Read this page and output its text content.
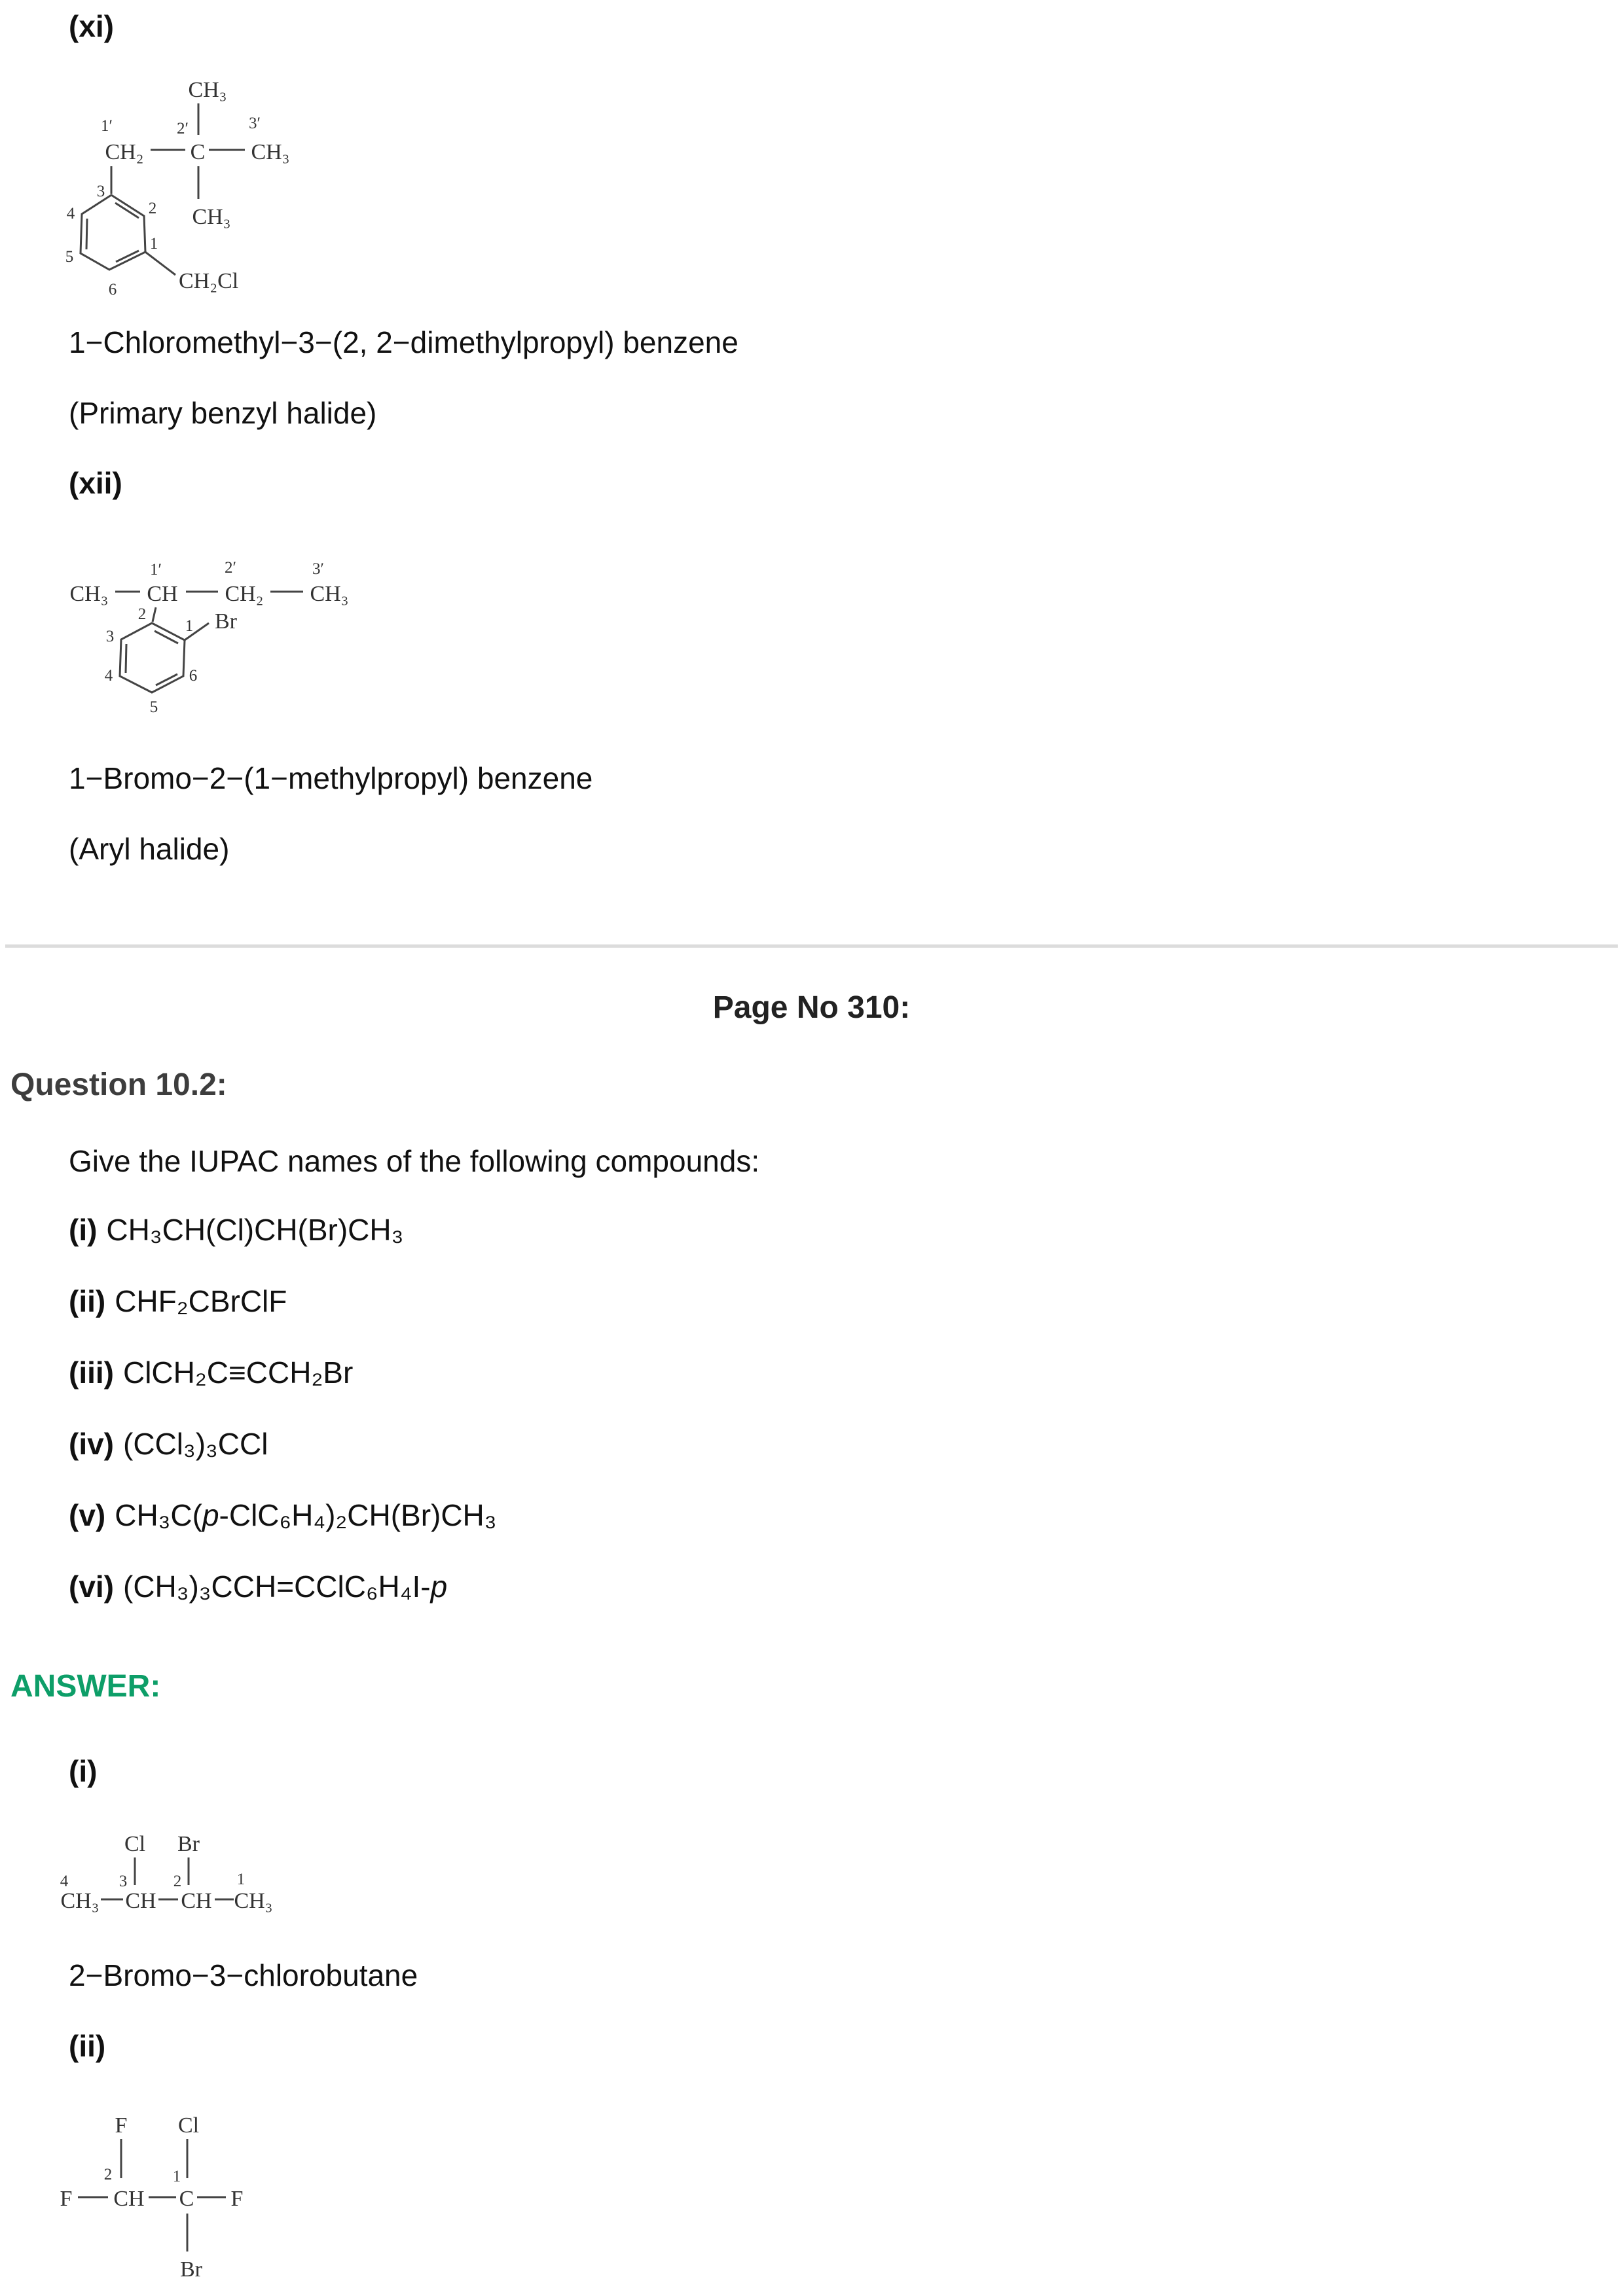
(xi)
CH₃
1′	2′	3′
CH₂ C CH₃
CH₃
3
4	2
1
5
6	CH₂Cl
1−Chloromethyl−3−(2, 2−dimethylpropyl) benzene
(Primary benzyl halide)
(xii)
CH₃
1′
CH
2′
CH₂
3′
CH₃
Br
2
1
3
4
5
6
1−Bromo−2−(1−methylpropyl) benzene
(Aryl halide)
Page No 310:
Question 10.2:
Give the IUPAC names of the following compounds:
(i) CH₃CH(Cl)CH(Br)CH₃
(ii) CHF₂CBrClF
(iii) ClCH₂C≡CCH₂Br
(iv) (CCl₃)₃CCl
(v) CH₃C(p-ClC₆H₄)₂CH(Br)CH₃
(vi) (CH₃)₃CCH=CClC₆H₄I-p
ANSWER:
(i)
Cl Br
4	3	2	1
CH₃ CH CH CH₃
2−Bromo−3−chlorobutane
(ii)
F Cl
2	1
F CH C F
Br
